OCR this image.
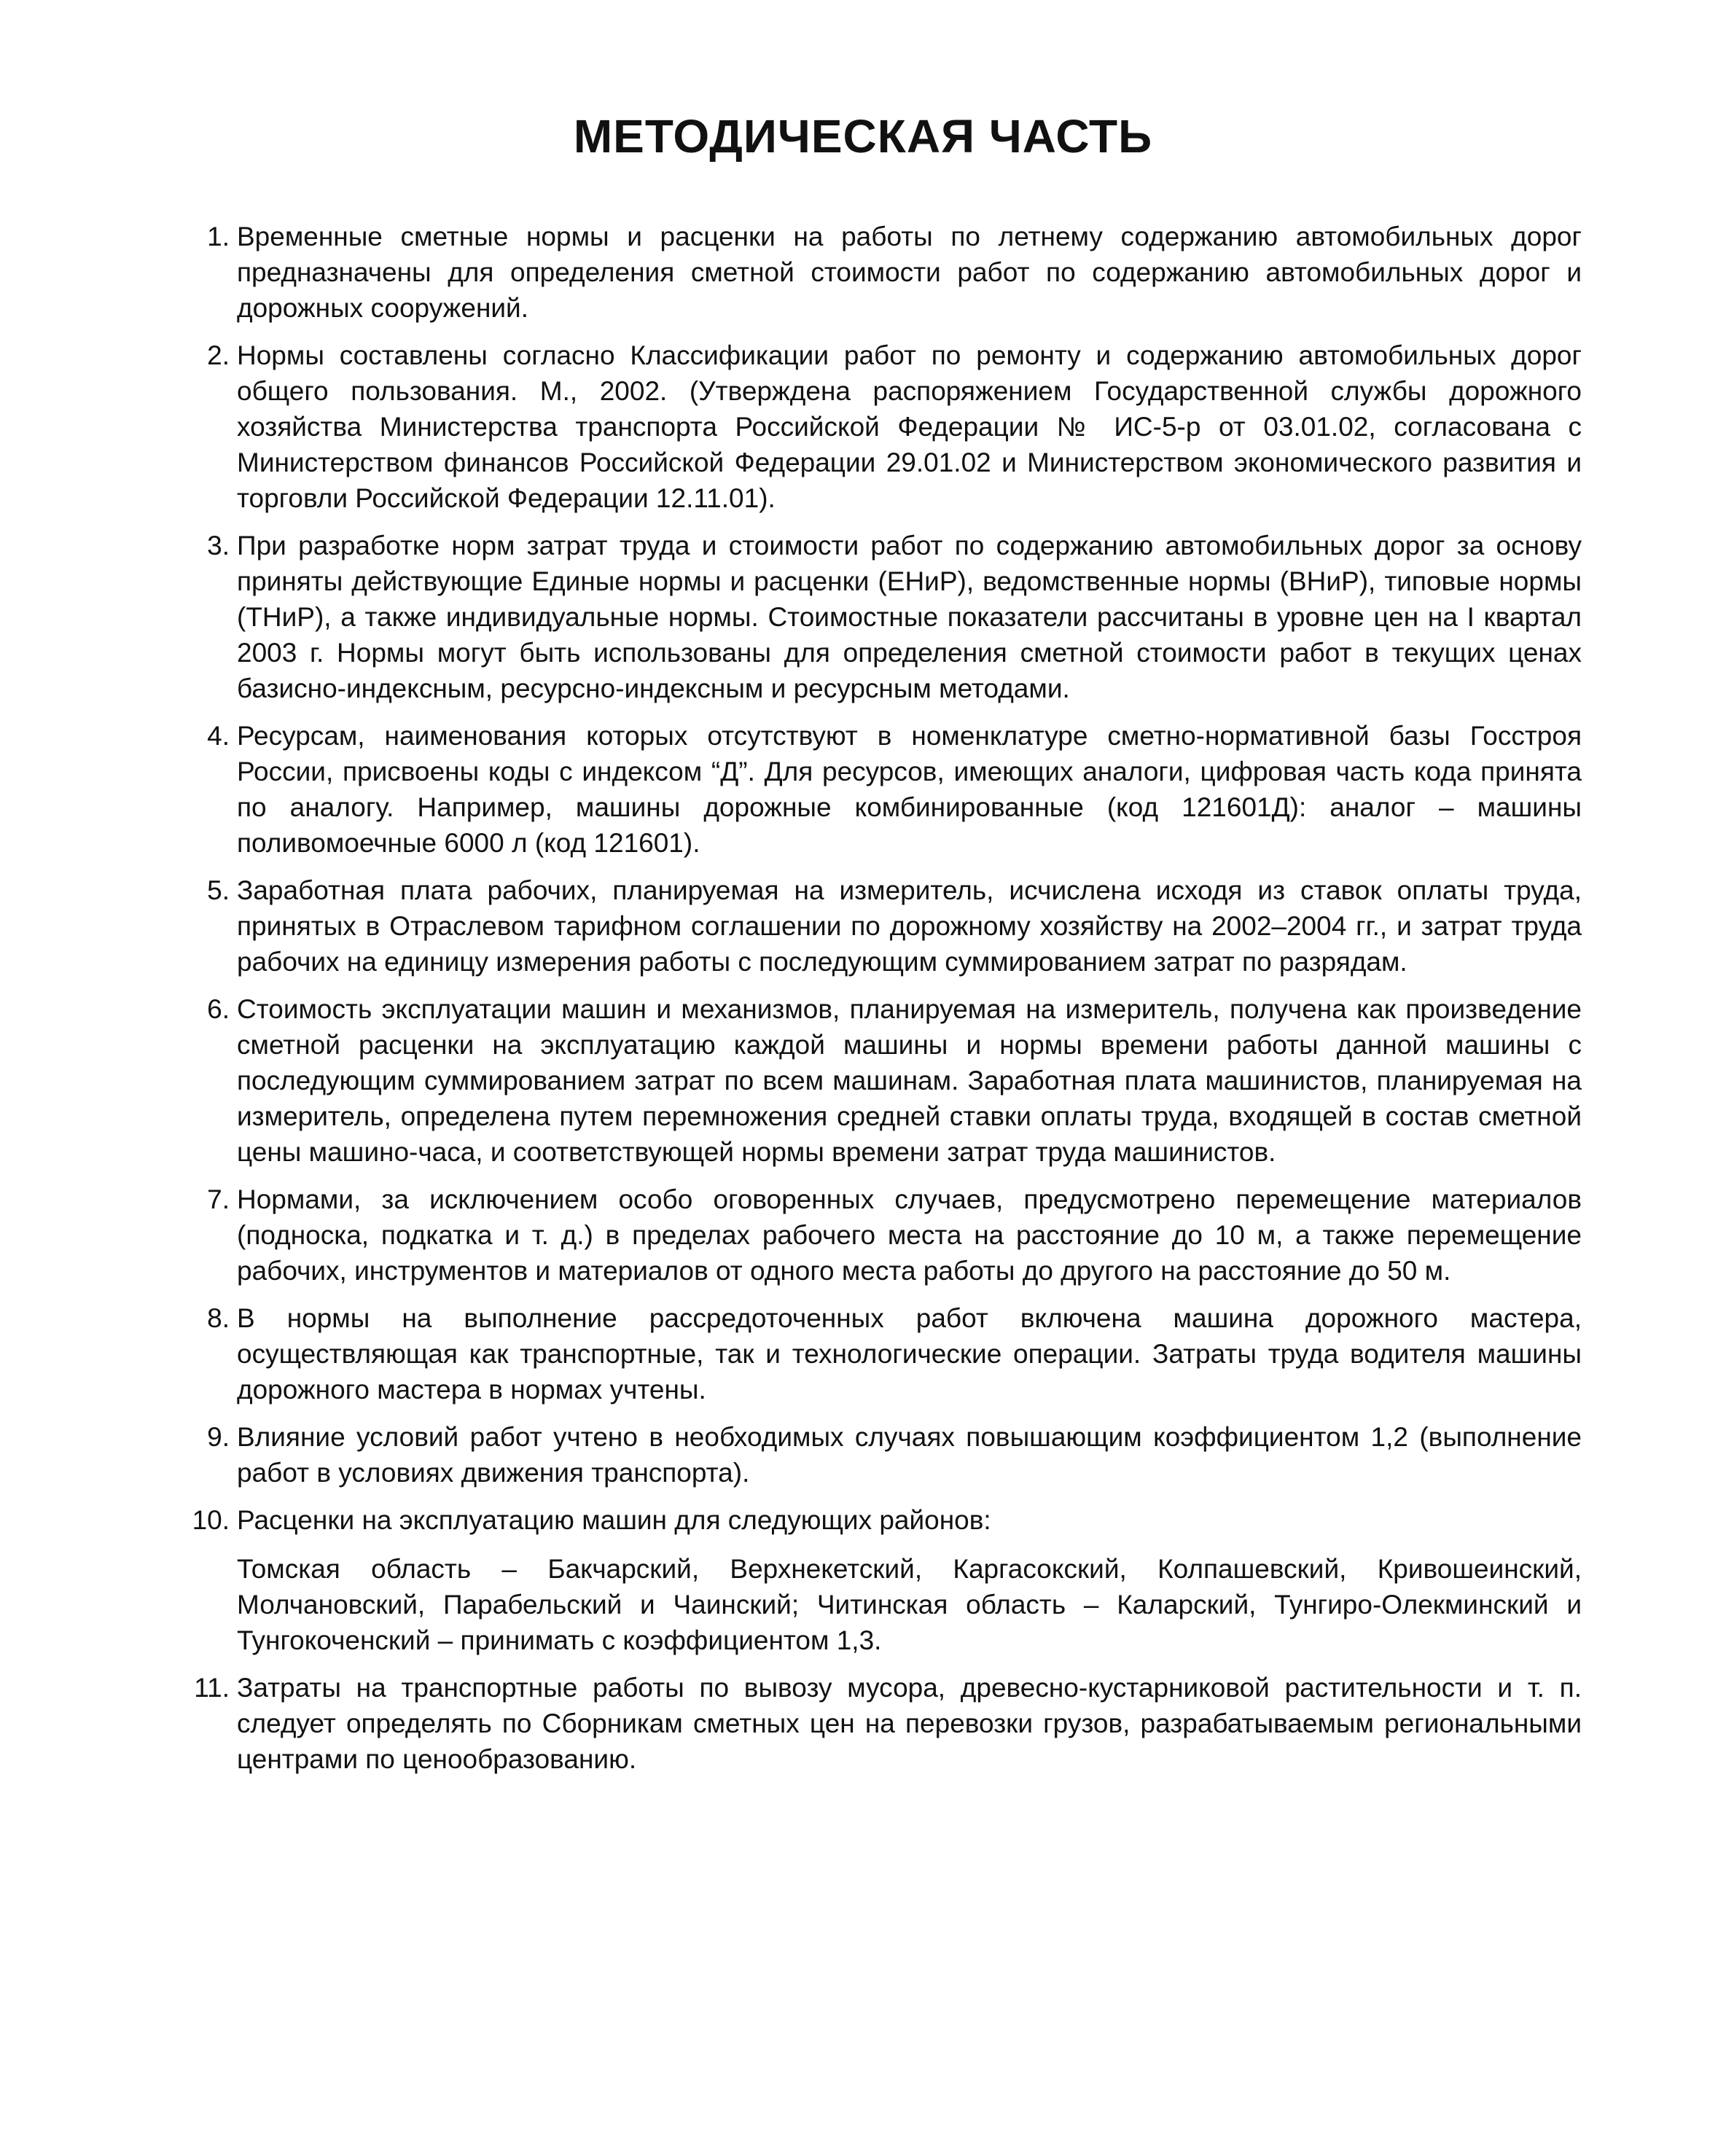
МЕТОДИЧЕСКАЯ ЧАСТЬ
1. Временные сметные нормы и расценки на работы по летнему содержанию автомобильных дорог предназначены для определения сметной стоимости работ по содержанию автомобильных дорог и дорожных сооружений.
2. Нормы составлены согласно Классификации работ по ремонту и содержанию автомобильных дорог общего пользования. М., 2002. (Утверждена распоряжением Государственной службы дорожного хозяйства Министерства транспорта Российской Федерации № ИС-5-р от 03.01.02, согласована с Министерством финансов Российской Федерации 29.01.02 и Министерством экономического развития и торговли Российской Федерации 12.11.01).
3. При разработке норм затрат труда и стоимости работ по содержанию автомобильных дорог за основу приняты действующие Единые нормы и расценки (ЕНиР), ведомственные нормы (ВНиР), типовые нормы (ТНиР), а также индивидуальные нормы. Стоимостные показатели рассчитаны в уровне цен на I квартал 2003 г. Нормы могут быть использованы для определения сметной стоимости работ в текущих ценах базисно-индексным, ресурсно-индексным и ресурсным методами.
4. Ресурсам, наименования которых отсутствуют в номенклатуре сметно-нормативной базы Госстроя России, присвоены коды с индексом “Д”. Для ресурсов, имеющих аналоги, цифровая часть кода принята по аналогу. Например, машины дорожные комбинированные (код 121601Д): аналог – машины поливомоечные 6000 л (код 121601).
5. Заработная плата рабочих, планируемая на измеритель, исчислена исходя из ставок оплаты труда, принятых в Отраслевом тарифном соглашении по дорожному хозяйству на 2002–2004 гг., и затрат труда рабочих на единицу измерения работы с последующим суммированием затрат по разрядам.
6. Стоимость эксплуатации машин и механизмов, планируемая на измеритель, получена как произведение сметной расценки на эксплуатацию каждой машины и нормы времени работы данной машины с последующим суммированием затрат по всем машинам. Заработная плата машинистов, планируемая на измеритель, определена путем перемножения средней ставки оплаты труда, входящей в состав сметной цены машино-часа, и соответствующей нормы времени затрат труда машинистов.
7. Нормами, за исключением особо оговоренных случаев, предусмотрено перемещение материалов (подноска, подкатка и т. д.) в пределах рабочего места на расстояние до 10 м, а также перемещение рабочих, инструментов и материалов от одного места работы до другого на расстояние до 50 м.
8. В нормы на выполнение рассредоточенных работ включена машина дорожного мастера, осуществляющая как транспортные, так и технологические операции. Затраты труда водителя машины дорожного мастера в нормах учтены.
9. Влияние условий работ учтено в необходимых случаях повышающим коэффициентом 1,2 (выполнение работ в условиях движения транспорта).
10. Расценки на эксплуатацию машин для следующих районов:
Томская область – Бакчарский, Верхнекетский, Каргасокский, Колпашевский, Кривошеинский, Молчановский, Парабельский и Чаинский; Читинская область – Каларский, Тунгиро-Олекминский и Тунгокоченский – принимать с коэффициентом 1,3.
11. Затраты на транспортные работы по вывозу мусора, древесно-кустарниковой растительности и т. п. следует определять по Сборникам сметных цен на перевозки грузов, разрабатываемым региональными центрами по ценообразованию.
